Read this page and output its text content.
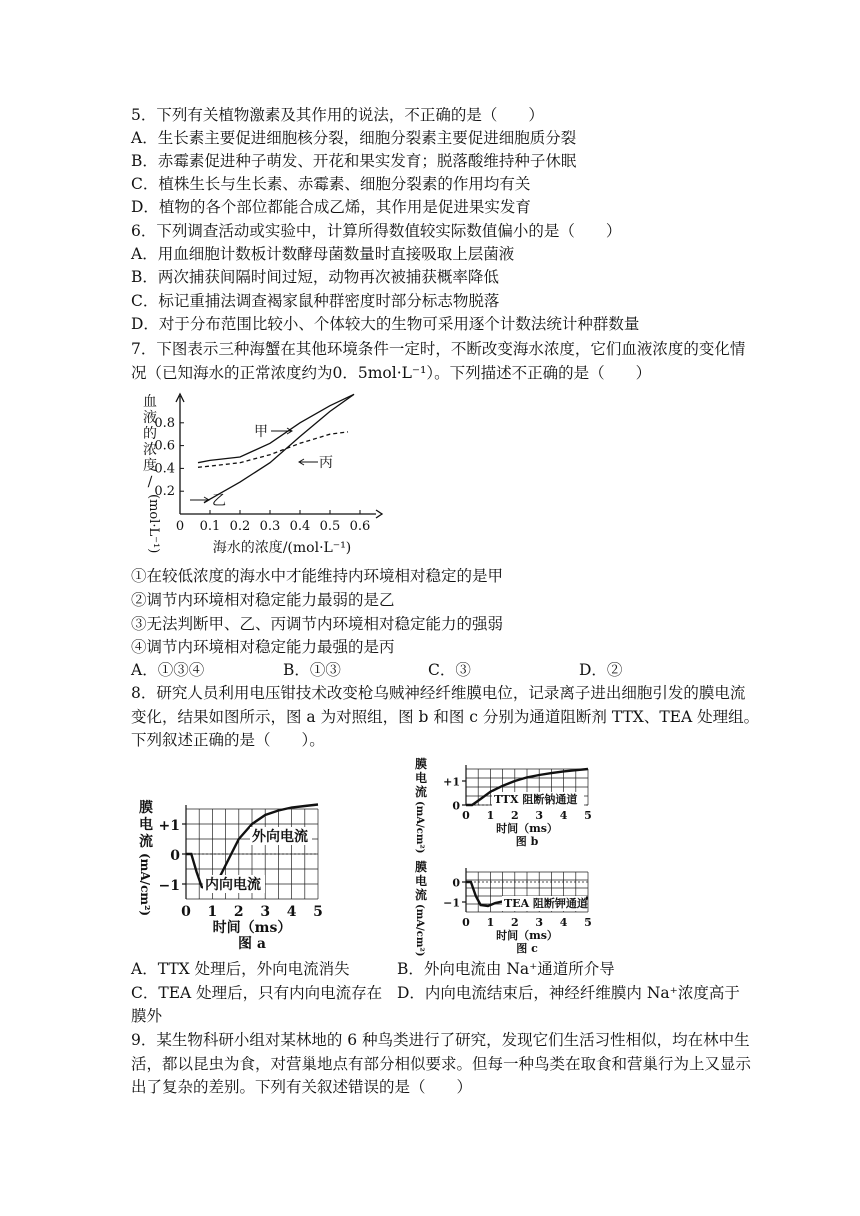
5．下列有关植物激素及其作用的说法，不正确的是（　　）
A．生长素主要促进细胞核分裂，细胞分裂素主要促进细胞质分裂
B．赤霉素促进种子萌发、开花和果实发育；脱落酸维持种子休眠
C．植株生长与生长素、赤霉素、细胞分裂素的作用均有关
D．植物的各个部位都能合成乙烯，其作用是促进果实发育
6．下列调查活动或实验中，计算所得数值较实际数值偏小的是（　　）
A．用血细胞计数板计数酵母菌数量时直接吸取上层菌液
B．两次捕获间隔时间过短，动物再次被捕获概率降低
C．标记重捕法调查褐家鼠种群密度时部分标志物脱落
D．对于分布范围比较小、个体较大的生物可采用逐个计数法统计种群数量
7．下图表示三种海蟹在其他环境条件一定时，不断改变海水浓度，它们血液浓度的变化情
况（已知海水的正常浓度约为0．5mol·L⁻¹）。下列描述不正确的是（　　）
0 0.1 0.2 0.3 0.4 0.5 0.6
0.2
0.4
0.6
0.8
甲
乙
丙
海水的浓度/(mol·L⁻¹)
血
液
的
浓
度
∕
(mol·L⁻¹)
①在较低浓度的海水中才能维持内环境相对稳定的是甲
②调节内环境相对稳定能力最弱的是乙
③无法判断甲、乙、丙调节内环境相对稳定能力的强弱
④调节内环境相对稳定能力最强的是丙
A．①③④	B．①③	C．③	D．②
8．研究人员利用电压钳技术改变枪乌贼神经纤维膜电位，记录离子进出细胞引发的膜电流
变化，结果如图所示，图 a 为对照组，图 b 和图 c 分别为通道阻断剂 TTX、TEA 处理组。
下列叙述正确的是（　　）。
0 1 2 3 4 5
+1
0
−1
外向电流
内向电流
时间（ms）
图 a
膜
电
流
(mA/cm²)
0 1 2 3 4 5
+1
0	TTX 阻断钠通道
时间（ms）
图 b
膜
电
流
(mA/cm²)
0 1 2 3 4 5
0
−1	TEA 阻断钾通道
时间（ms）
图 c
膜
电
流
(mA/cm²)
A．TTX 处理后，外向电流消失	B．外向电流由 Na⁺通道所介导
C．TEA 处理后，只有内向电流存在 D．内向电流结束后，神经纤维膜内 Na⁺浓度高于
膜外
9．某生物科研小组对某林地的 6 种鸟类进行了研究，发现它们生活习性相似，均在林中生
活，都以昆虫为食，对营巢地点有部分相似要求。但每一种鸟类在取食和营巢行为上又显示
出了复杂的差别。下列有关叙述错误的是（　　）
